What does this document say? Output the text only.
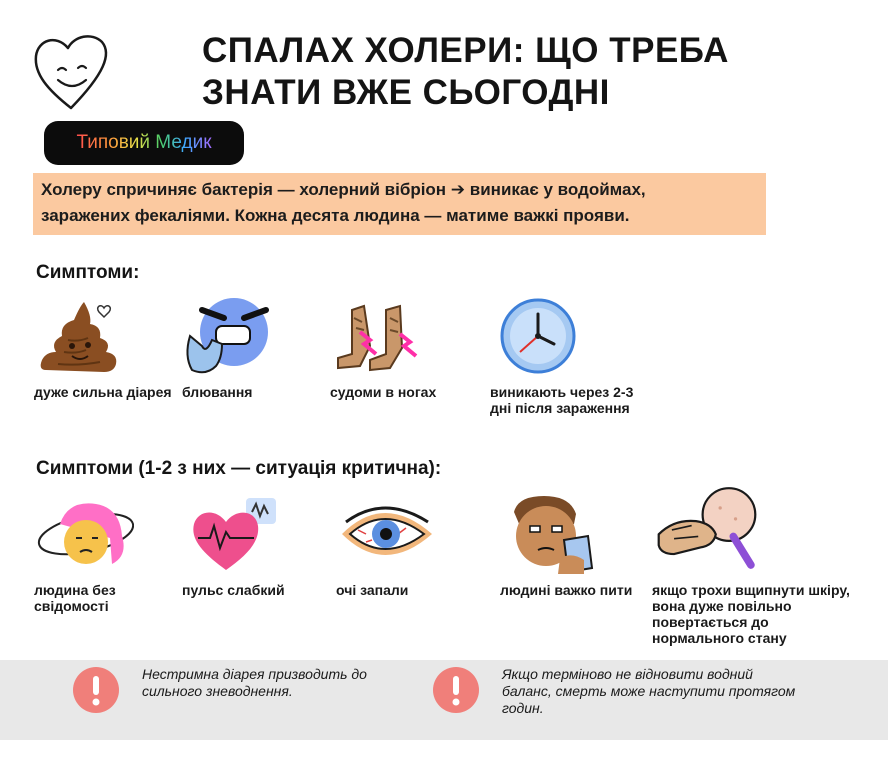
СПАЛАХ ХОЛЕРИ: ЩО ТРЕБА
ЗНАТИ ВЖЕ СЬОГОДНІ
Типовий Медик

Холеру спричиняє бактерія — холерний вібріон ➔ виникає у водоймах,

заражених фекаліями. Кожна десята людина — матиме важкі прояви.

Симптоми:
дуже сильна діарея блювання	судоми в ногах	виникають через 2-3 дні після зараження
Симптоми (1-2 з них — ситуація критична):
людина без свідомості
пульс слабкий	очі запали	людині важко пити	якщо трохи вщипнути шкіру, вона дуже повільно повертається до нормального стану
Нестримна діарея призводить до сильного зневоднення.
Якщо терміново не відновити водний баланс, смерть може наступити протягом годин.
